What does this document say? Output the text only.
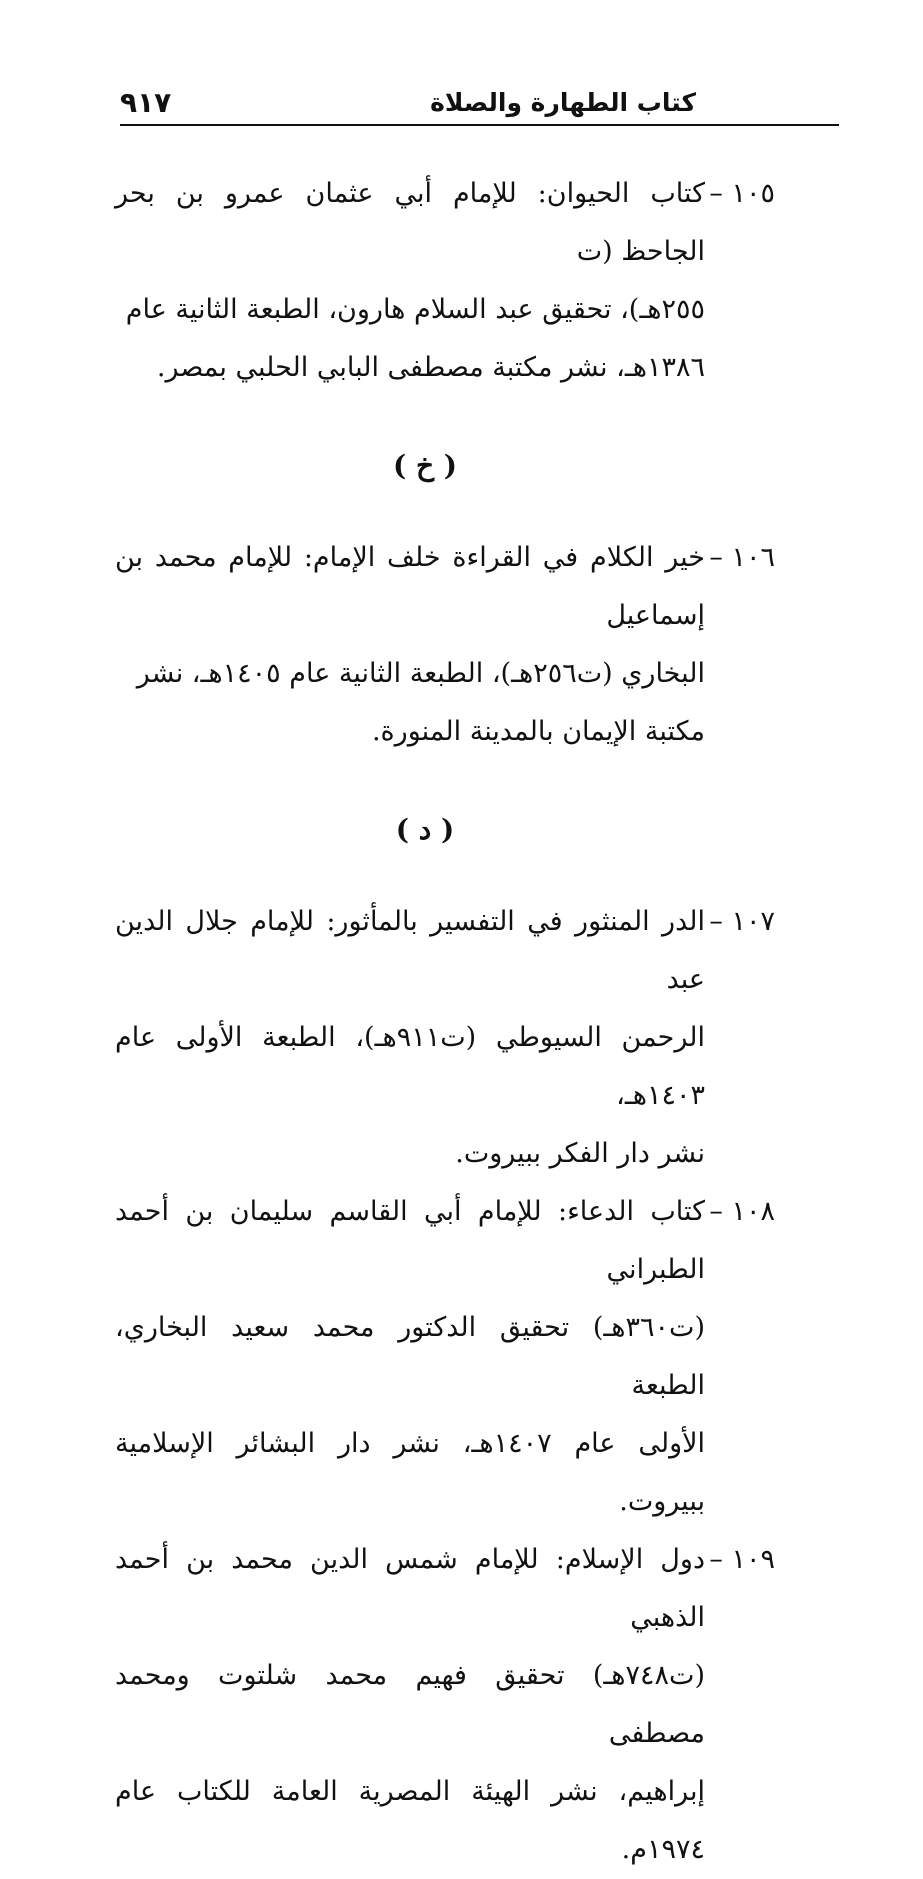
كتاب الطهارة والصلاة
٩١٧
١٠٥ –

كتاب الحيوان: للإمام أبي عثمان عمرو بن بحر الجاحظ (ت

٢٥٥هـ)، تحقيق عبد السلام هارون، الطبعة الثانية عام

١٣٨٦هـ، نشر مكتبة مصطفى البابي الحلبي بمصر.

( خ )
١٠٦ –

خير الكلام في القراءة خلف الإمام: للإمام محمد بن إسماعيل

البخاري (ت٢٥٦هـ)، الطبعة الثانية عام ١٤٠٥هـ، نشر

مكتبة الإيمان بالمدينة المنورة.

( د )
١٠٧ –

الدر المنثور في التفسير بالمأثور: للإمام جلال الدين عبد

الرحمن السيوطي (ت٩١١هـ)، الطبعة الأولى عام ١٤٠٣هـ،

نشر دار الفكر ببيروت.

١٠٨ –

كتاب الدعاء: للإمام أبي القاسم سليمان بن أحمد الطبراني

(ت٣٦٠هـ) تحقيق الدكتور محمد سعيد البخاري، الطبعة

الأولى عام ١٤٠٧هـ، نشر دار البشائر الإسلامية ببيروت.

١٠٩ –

دول الإسلام: للإمام شمس الدين محمد بن أحمد الذهبي

(ت٧٤٨هـ) تحقيق فهيم محمد شلتوت ومحمد مصطفى

إبراهيم، نشر الهيئة المصرية العامة للكتاب عام ١٩٧٤م.
